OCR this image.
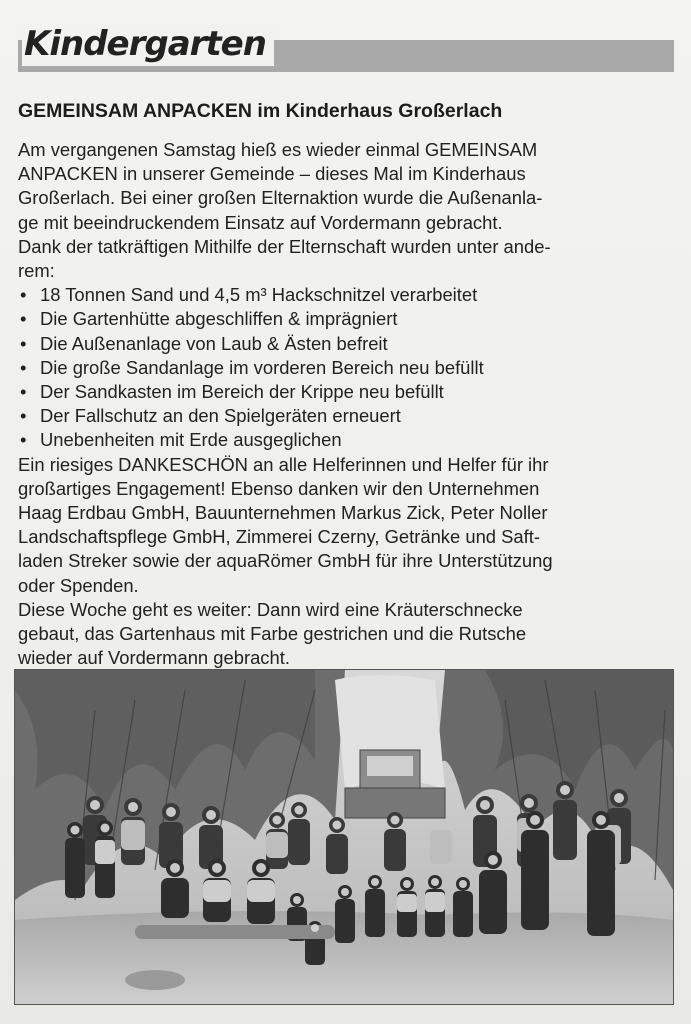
Kindergarten
GEMEINSAM ANPACKEN im Kinderhaus Großerlach

Am vergangenen Samstag hieß es wieder einmal GEMEINSAM
ANPACKEN in unserer Gemeinde – dieses Mal im Kinderhaus
Großerlach. Bei einer großen Elternaktion wurde die Außenanla-
ge mit beeindruckendem Einsatz auf Vordermann gebracht.
Dank der tatkräftigen Mithilfe der Elternschaft wurden unter ande-
rem:

• 18 Tonnen Sand und 4,5 m³ Hackschnitzel verarbeitet
• Die Gartenhütte abgeschliffen & imprägniert
• Die Außenanlage von Laub & Ästen befreit
• Die große Sandanlage im vorderen Bereich neu befüllt
• Der Sandkasten im Bereich der Krippe neu befüllt
• Der Fallschutz an den Spielgeräten erneuert
• Unebenheiten mit Erde ausgeglichen

Ein riesiges DANKESCHÖN an alle Helferinnen und Helfer für ihr
großartiges Engagement! Ebenso danken wir den Unternehmen
Haag Erdbau GmbH, Bauunternehmen Markus Zick, Peter Noller
Landschaftspflege GmbH, Zimmerei Czerny, Getränke und Saft-
laden Streker sowie der aquaRömer GmbH für ihre Unterstützung
oder Spenden.

Diese Woche geht es weiter: Dann wird eine Kräuterschnecke
gebaut, das Gartenhaus mit Farbe gestrichen und die Rutsche
wieder auf Vordermann gebracht.
